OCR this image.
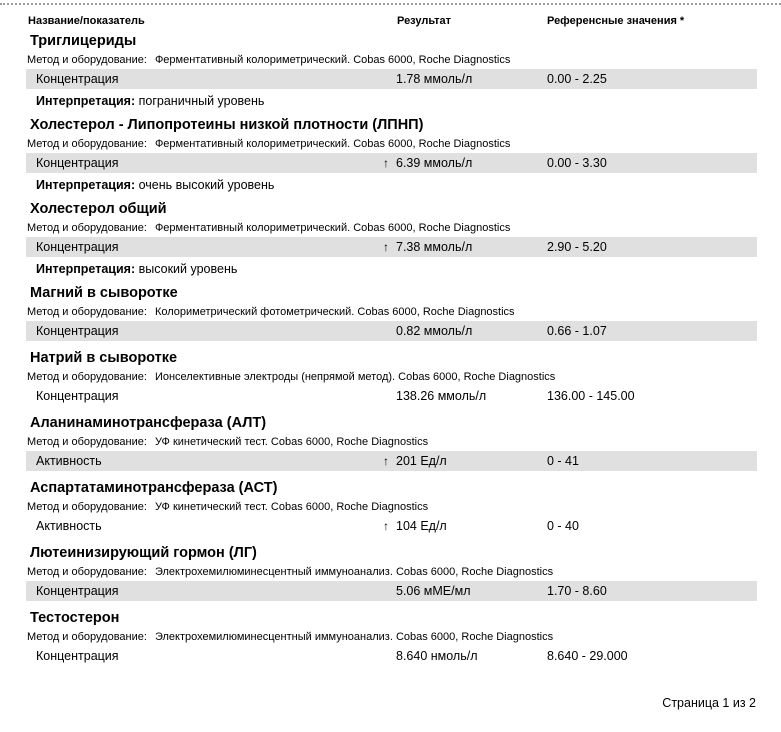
Название/показатель	Результат	Референсные значения *
Триглицериды
Метод и оборудование: Ферментативный колориметрический. Cobas 6000, Roche Diagnostics
Концентрация	1.78 ммоль/л	0.00 - 2.25
Интерпретация: пограничный уровень
Холестерол - Липопротеины низкой плотности (ЛПНП)
Метод и оборудование: Ферментативный колориметрический. Cobas 6000, Roche Diagnostics
Концентрация	↑ 6.39 ммоль/л	0.00 - 3.30
Интерпретация: очень высокий уровень
Холестерол общий
Метод и оборудование: Ферментативный колориметрический. Cobas 6000, Roche Diagnostics
Концентрация	↑ 7.38 ммоль/л	2.90 - 5.20
Интерпретация: высокий уровень
Магний в сыворотке
Метод и оборудование: Колориметрический фотометрический. Cobas 6000, Roche Diagnostics
Концентрация	0.82 ммоль/л	0.66 - 1.07
Натрий в сыворотке
Метод и оборудование: Ионселективные электроды (непрямой метод). Cobas 6000, Roche Diagnostics
Концентрация	138.26 ммоль/л	136.00 - 145.00
Аланинаминотрансфераза (АЛТ)
Метод и оборудование: УФ кинетический тест. Cobas 6000, Roche Diagnostics
Активность	↑ 201 Ед/л	0 - 41
Аспартатаминотрансфераза (АСТ)
Метод и оборудование: УФ кинетический тест. Cobas 6000, Roche Diagnostics
Активность	↑ 104 Ед/л	0 - 40
Лютеинизирующий гормон (ЛГ)
Метод и оборудование: Электрохемилюминесцентный иммуноанализ. Cobas 6000, Roche Diagnostics
Концентрация	5.06 мМЕ/мл	1.70 - 8.60
Тестостерон
Метод и оборудование: Электрохемилюминесцентный иммуноанализ. Cobas 6000, Roche Diagnostics
Концентрация	8.640 нмоль/л	8.640 - 29.000
Страница 1 из 2
